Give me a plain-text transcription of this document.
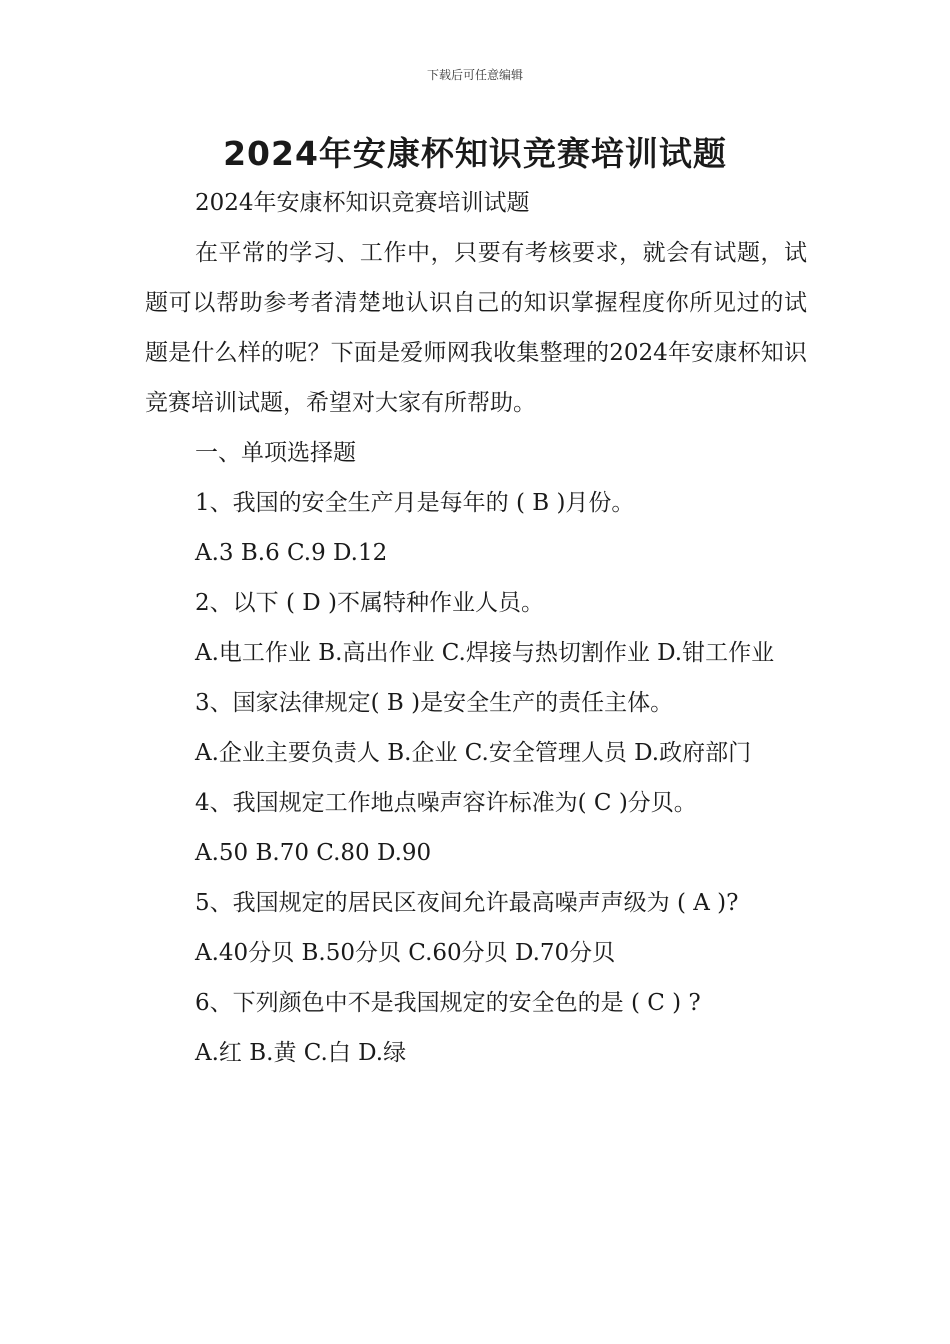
下载后可任意编辑
2024年安康杯知识竞赛培训试题

2024年安康杯知识竞赛培训试题

在平常的学习、工作中，只要有考核要求，就会有试题，试题可以帮助参考者清楚地认识自己的知识掌握程度你所见过的试题是什么样的呢？下面是爱师网我收集整理的2024年安康杯知识竞赛培训试题，希望对大家有所帮助。

一、单项选择题

1、我国的安全生产月是每年的 ( B )月份。

A.3 B.6 C.9 D.12

2、以下 ( D )不属特种作业人员。

A.电工作业 B.高出作业 C.焊接与热切割作业 D.钳工作业

3、国家法律规定( B )是安全生产的责任主体。

A.企业主要负责人 B.企业 C.安全管理人员 D.政府部门

4、我国规定工作地点噪声容许标准为( C )分贝。

A.50 B.70 C.80 D.90

5、我国规定的居民区夜间允许最高噪声声级为 ( A )?

A.40分贝 B.50分贝 C.60分贝 D.70分贝

6、下列颜色中不是我国规定的安全色的是 ( C ) ?

A.红 B.黄 C.白 D.绿
